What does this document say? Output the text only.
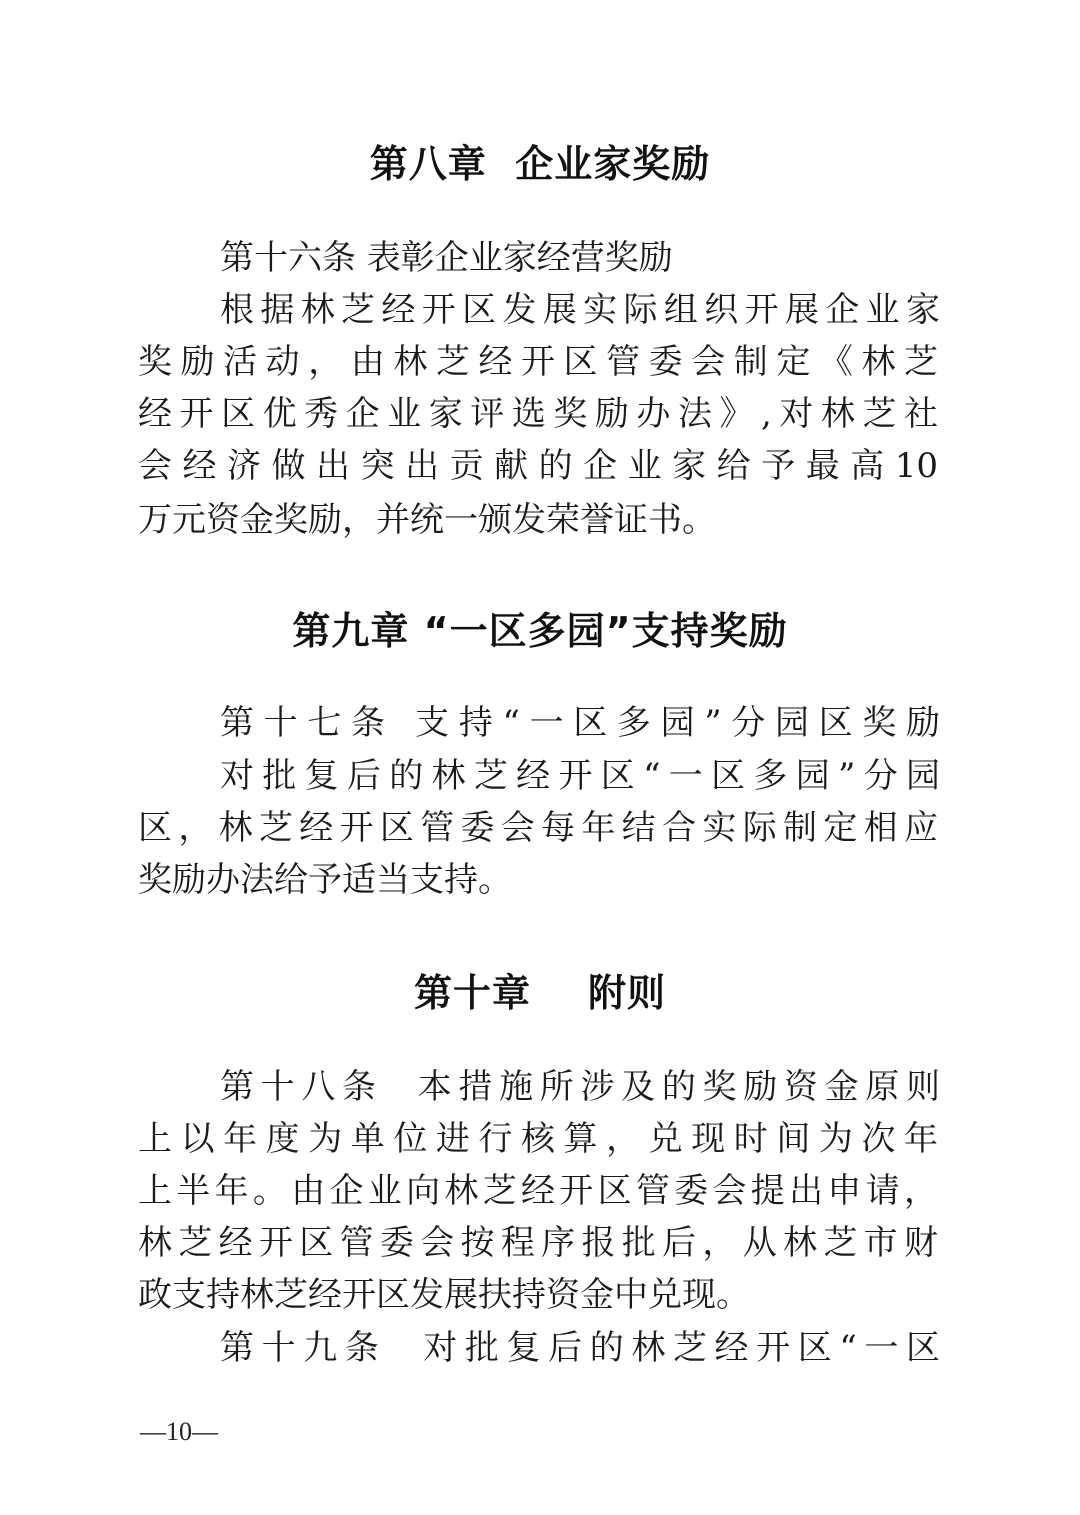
第八章  企业家奖励
第十六条 表彰企业家经营奖励
根据林芝经开区发展实际组织开展企业家
奖励活动，由林芝经开区管委会制定《林芝
经开区优秀企业家评选奖励办法》,对林芝社
会经济做出突出贡献的企业家给予最高10
万元资金奖励，并统一颁发荣誉证书。
第九章 “一区多园”支持奖励
第十七条 支持“一区多园”分园区奖励
对批复后的林芝经开区“一区多园”分园
区，林芝经开区管委会每年结合实际制定相应
奖励办法给予适当支持。
第十章    附则
第十八条  本措施所涉及的奖励资金原则
上以年度为单位进行核算，兑现时间为次年
上半年。由企业向林芝经开区管委会提出申请，
林芝经开区管委会按程序报批后，从林芝市财
政支持林芝经开区发展扶持资金中兑现。
第十九条  对批复后的林芝经开区“一区
—10—
